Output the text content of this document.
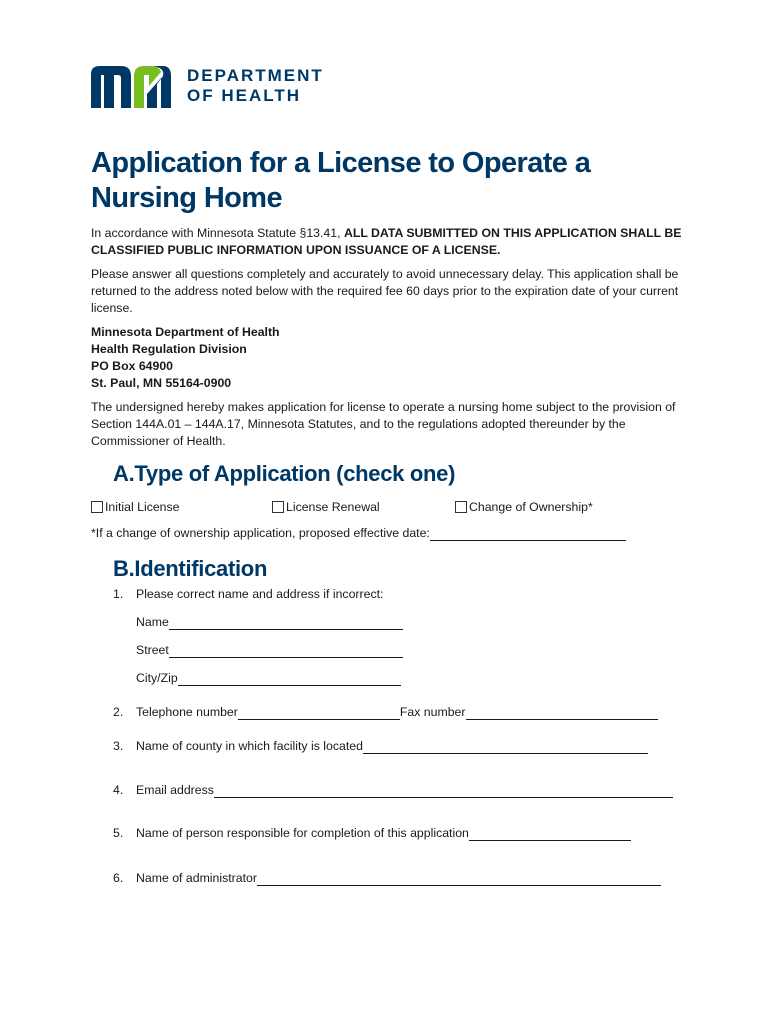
DEPARTMENT
OF HEALTH
Application for a License to Operate a Nursing Home

In accordance with Minnesota Statute §13.41, ALL DATA SUBMITTED ON THIS APPLICATION SHALL BE CLASSIFIED PUBLIC INFORMATION UPON ISSUANCE OF A LICENSE.

Please answer all questions completely and accurately to avoid unnecessary delay. This application shall be returned to the address noted below with the required fee 60 days prior to the expiration date of your current license.

Minnesota Department of Health
Health Regulation Division
PO Box 64900
St. Paul, MN 55164-0900

The undersigned hereby makes application for license to operate a nursing home subject to the provision of Section 144A.01 – 144A.17, Minnesota Statutes, and to the regulations adopted thereunder by the Commissioner of Health.

A.Type of Application (check one)
Initial License	License Renewal	Change of Ownership*
*If a change of ownership application, proposed effective date:
B.Identification
1. Please correct name and address if incorrect:
Name
Street
City/Zip
2. Telephone number	Fax number
3. Name of county in which facility is located
4. Email address
5. Name of person responsible for completion of this application
6. Name of administrator
